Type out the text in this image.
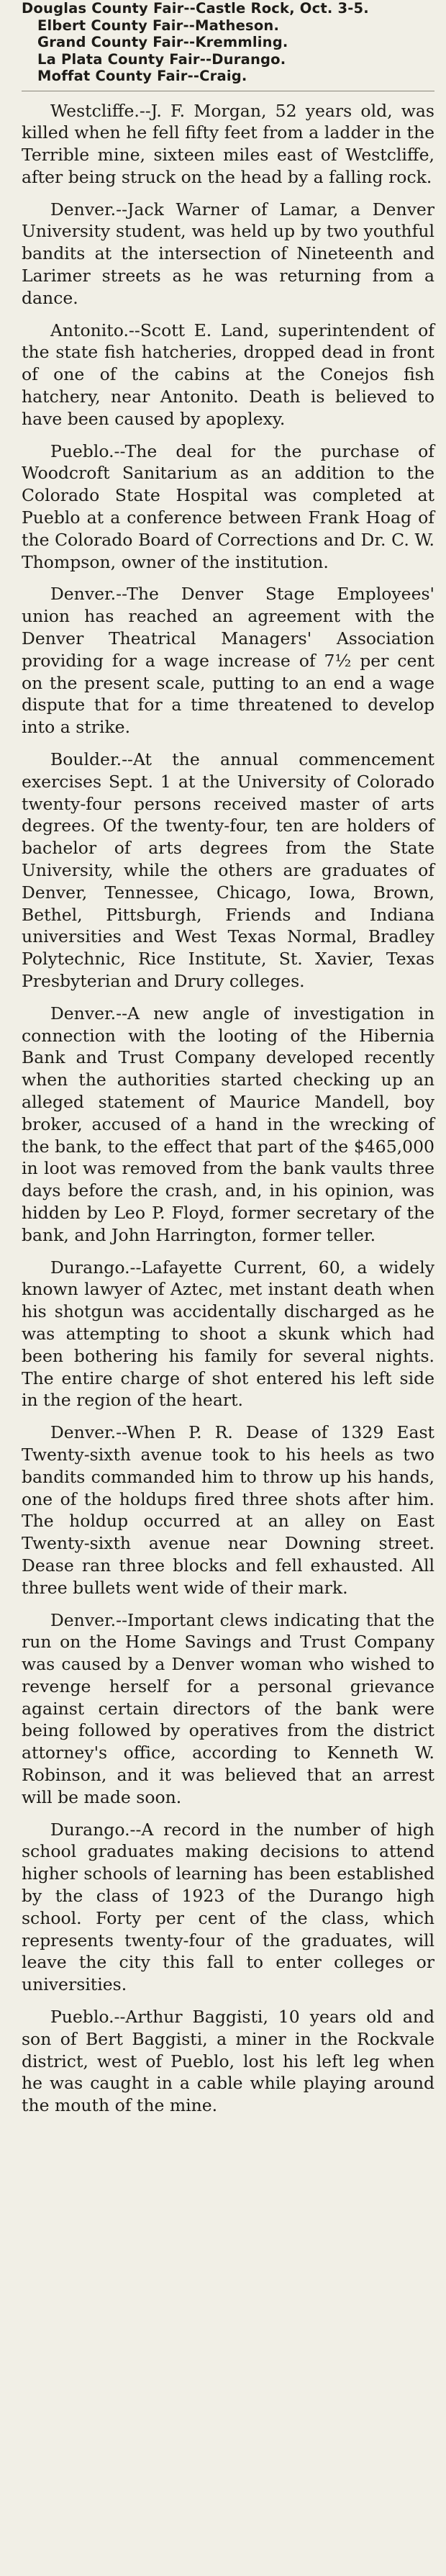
Douglas County Fair--Castle Rock, Oct. 3-5.

Elbert County Fair--Matheson.

Grand County Fair--Kremmling.

La Plata County Fair--Durango.

Moffat County Fair--Craig.

Westcliffe.--J. F. Morgan, 52 years old, was killed when he fell fifty feet from a ladder in the Terrible mine, sixteen miles east of Westcliffe, after being struck on the head by a falling rock.

Denver.--Jack Warner of Lamar, a Denver University student, was held up by two youthful bandits at the intersection of Nineteenth and Larimer streets as he was returning from a dance.

Antonito.--Scott E. Land, superintendent of the state fish hatcheries, dropped dead in front of one of the cabins at the Conejos fish hatchery, near Antonito. Death is believed to have been caused by apoplexy.

Pueblo.--The deal for the purchase of Woodcroft Sanitarium as an addition to the Colorado State Hospital was completed at Pueblo at a conference between Frank Hoag of the Colorado Board of Corrections and Dr. C. W. Thompson, owner of the institution.

Denver.--The Denver Stage Employees' union has reached an agreement with the Denver Theatrical Managers' Association providing for a wage increase of 7½ per cent on the present scale, putting to an end a wage dispute that for a time threatened to develop into a strike.

Boulder.--At the annual commencement exercises Sept. 1 at the University of Colorado twenty-four persons received master of arts degrees. Of the twenty-four, ten are holders of bachelor of arts degrees from the State University, while the others are graduates of Denver, Tennessee, Chicago, Iowa, Brown, Bethel, Pittsburgh, Friends and Indiana universities and West Texas Normal, Bradley Polytechnic, Rice Institute, St. Xavier, Texas Presbyterian and Drury colleges.

Denver.--A new angle of investigation in connection with the looting of the Hibernia Bank and Trust Company developed recently when the authorities started checking up an alleged statement of Maurice Mandell, boy broker, accused of a hand in the wrecking of the bank, to the effect that part of the $465,000 in loot was removed from the bank vaults three days before the crash, and, in his opinion, was hidden by Leo P. Floyd, former secretary of the bank, and John Harrington, former teller.

Durango.--Lafayette Current, 60, a widely known lawyer of Aztec, met instant death when his shotgun was accidentally discharged as he was attempting to shoot a skunk which had been bothering his family for several nights. The entire charge of shot entered his left side in the region of the heart.

Denver.--When P. R. Dease of 1329 East Twenty-sixth avenue took to his heels as two bandits commanded him to throw up his hands, one of the holdups fired three shots after him. The holdup occurred at an alley on East Twenty-sixth avenue near Downing street. Dease ran three blocks and fell exhausted. All three bullets went wide of their mark.

Denver.--Important clews indicating that the run on the Home Savings and Trust Company was caused by a Denver woman who wished to revenge herself for a personal grievance against certain directors of the bank were being followed by operatives from the district attorney's office, according to Kenneth W. Robinson, and it was believed that an arrest will be made soon.

Durango.--A record in the number of high school graduates making decisions to attend higher schools of learning has been established by the class of 1923 of the Durango high school. Forty per cent of the class, which represents twenty-four of the graduates, will leave the city this fall to enter colleges or universities.

Pueblo.--Arthur Baggisti, 10 years old and son of Bert Baggisti, a miner in the Rockvale district, west of Pueblo, lost his left leg when he was caught in a cable while playing around the mouth of the mine.
